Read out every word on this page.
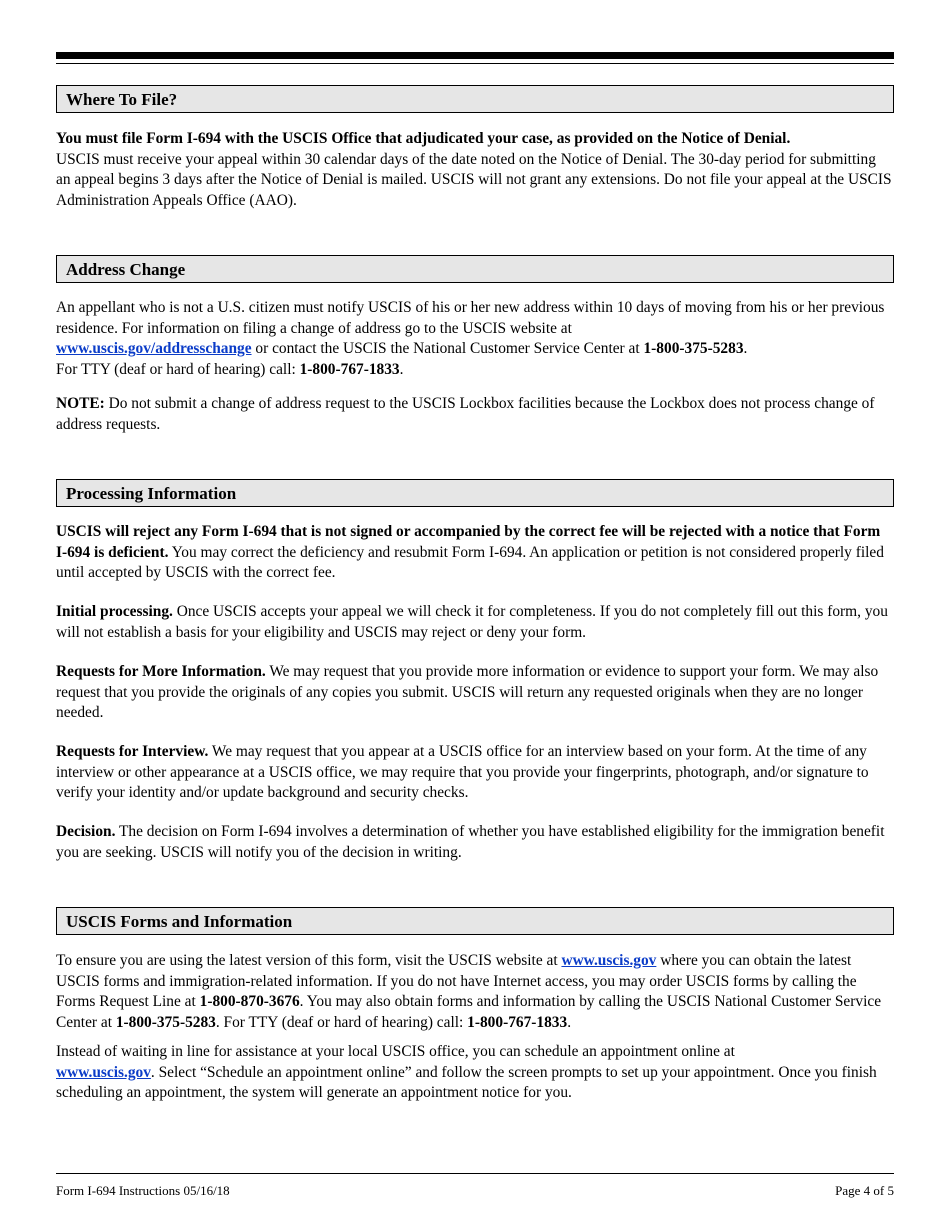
Where To File?
You must file Form I-694 with the USCIS Office that adjudicated your case, as provided on the Notice of Denial.
USCIS must receive your appeal within 30 calendar days of the date noted on the Notice of Denial. The 30-day period for submitting an appeal begins 3 days after the Notice of Denial is mailed. USCIS will not grant any extensions. Do not file your appeal at the USCIS Administration Appeals Office (AAO).
Address Change
An appellant who is not a U.S. citizen must notify USCIS of his or her new address within 10 days of moving from his or her previous residence. For information on filing a change of address go to the USCIS website at
www.uscis.gov/addresschange or contact the USCIS the National Customer Service Center at 1-800-375-5283.
For TTY (deaf or hard of hearing) call: 1-800-767-1833.
NOTE: Do not submit a change of address request to the USCIS Lockbox facilities because the Lockbox does not process change of address requests.
Processing Information
USCIS will reject any Form I-694 that is not signed or accompanied by the correct fee will be rejected with a notice that Form I-694 is deficient. You may correct the deficiency and resubmit Form I-694. An application or petition is not considered properly filed until accepted by USCIS with the correct fee.
Initial processing. Once USCIS accepts your appeal we will check it for completeness. If you do not completely fill out this form, you will not establish a basis for your eligibility and USCIS may reject or deny your form.
Requests for More Information. We may request that you provide more information or evidence to support your form. We may also request that you provide the originals of any copies you submit. USCIS will return any requested originals when they are no longer needed.
Requests for Interview. We may request that you appear at a USCIS office for an interview based on your form. At the time of any interview or other appearance at a USCIS office, we may require that you provide your fingerprints, photograph, and/or signature to verify your identity and/or update background and security checks.
Decision. The decision on Form I-694 involves a determination of whether you have established eligibility for the immigration benefit you are seeking. USCIS will notify you of the decision in writing.
USCIS Forms and Information
To ensure you are using the latest version of this form, visit the USCIS website at www.uscis.gov where you can obtain the latest USCIS forms and immigration-related information. If you do not have Internet access, you may order USCIS forms by calling the Forms Request Line at 1-800-870-3676. You may also obtain forms and information by calling the USCIS National Customer Service Center at 1-800-375-5283. For TTY (deaf or hard of hearing) call: 1-800-767-1833.
Instead of waiting in line for assistance at your local USCIS office, you can schedule an appointment online at
www.uscis.gov. Select “Schedule an appointment online” and follow the screen prompts to set up your appointment. Once you finish scheduling an appointment, the system will generate an appointment notice for you.
Form I-694 Instructions 05/16/18	Page 4 of 5
